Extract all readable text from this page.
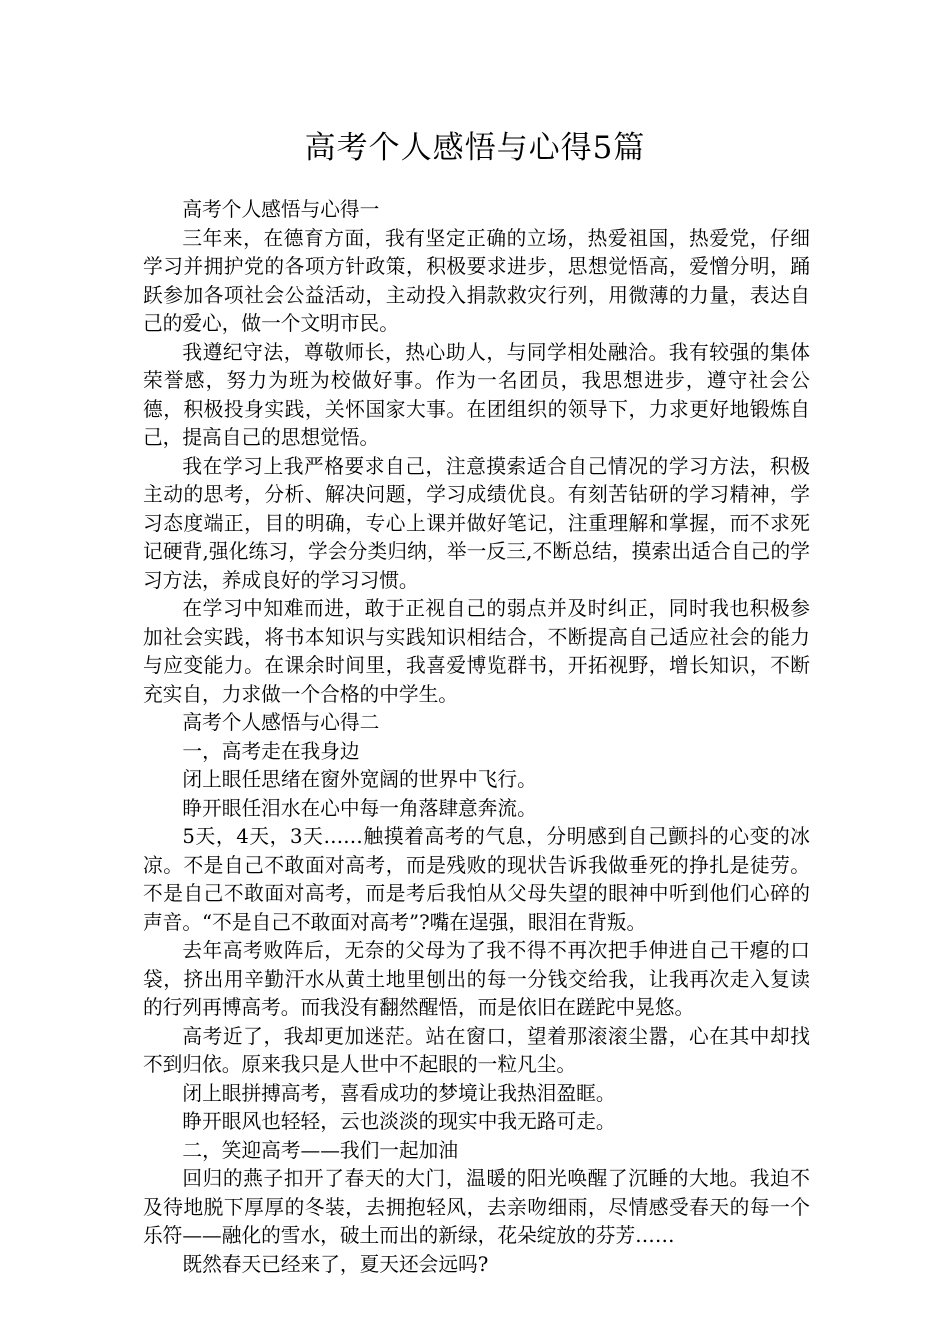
高考个人感悟与心得5篇

高考个人感悟与心得一

三年来，在德育方面，我有坚定正确的立场，热爱祖国，热爱党，仔细学习并拥护党的各项方针政策，积极要求进步，思想觉悟高，爱憎分明，踊跃参加各项社会公益活动，主动投入捐款救灾行列，用微薄的力量，表达自己的爱心，做一个文明市民。

我遵纪守法，尊敬师长，热心助人，与同学相处融洽。我有较强的集体荣誉感，努力为班为校做好事。作为一名团员，我思想进步，遵守社会公德，积极投身实践，关怀国家大事。在团组织的领导下，力求更好地锻炼自己，提高自己的思想觉悟。

我在学习上我严格要求自己，注意摸索适合自己情况的学习方法，积极主动的思考，分析、解决问题，学习成绩优良。有刻苦钻研的学习精神，学习态度端正，目的明确，专心上课并做好笔记，注重理解和掌握，而不求死记硬背,强化练习，学会分类归纳，举一反三,不断总结，摸索出适合自己的学习方法，养成良好的学习习惯。

在学习中知难而进，敢于正视自己的弱点并及时纠正，同时我也积极参加社会实践，将书本知识与实践知识相结合，不断提高自己适应社会的能力与应变能力。在课余时间里，我喜爱博览群书，开拓视野，增长知识，不断充实自，力求做一个合格的中学生。

高考个人感悟与心得二

一，高考走在我身边

闭上眼任思绪在窗外宽阔的世界中飞行。

睁开眼任泪水在心中每一角落肆意奔流。

5天，4天，3天……触摸着高考的气息，分明感到自己颤抖的心变的冰凉。不是自己不敢面对高考，而是残败的现状告诉我做垂死的挣扎是徒劳。不是自己不敢面对高考，而是考后我怕从父母失望的眼神中听到他们心碎的声音。“不是自己不敢面对高考”?嘴在逞强，眼泪在背叛。

去年高考败阵后，无奈的父母为了我不得不再次把手伸进自己干瘪的口袋，挤出用辛勤汗水从黄土地里刨出的每一分钱交给我，让我再次走入复读的行列再博高考。而我没有翻然醒悟，而是依旧在蹉跎中晃悠。

高考近了，我却更加迷茫。站在窗口，望着那滚滚尘嚣，心在其中却找不到归依。原来我只是人世中不起眼的一粒凡尘。

闭上眼拼搏高考，喜看成功的梦境让我热泪盈眶。

睁开眼风也轻轻，云也淡淡的现实中我无路可走。

二，笑迎高考——我们一起加油

回归的燕子扣开了春天的大门，温暖的阳光唤醒了沉睡的大地。我迫不及待地脱下厚厚的冬装，去拥抱轻风，去亲吻细雨，尽情感受春天的每一个乐符——融化的雪水，破土而出的新绿，花朵绽放的芬芳……

既然春天已经来了，夏天还会远吗?
